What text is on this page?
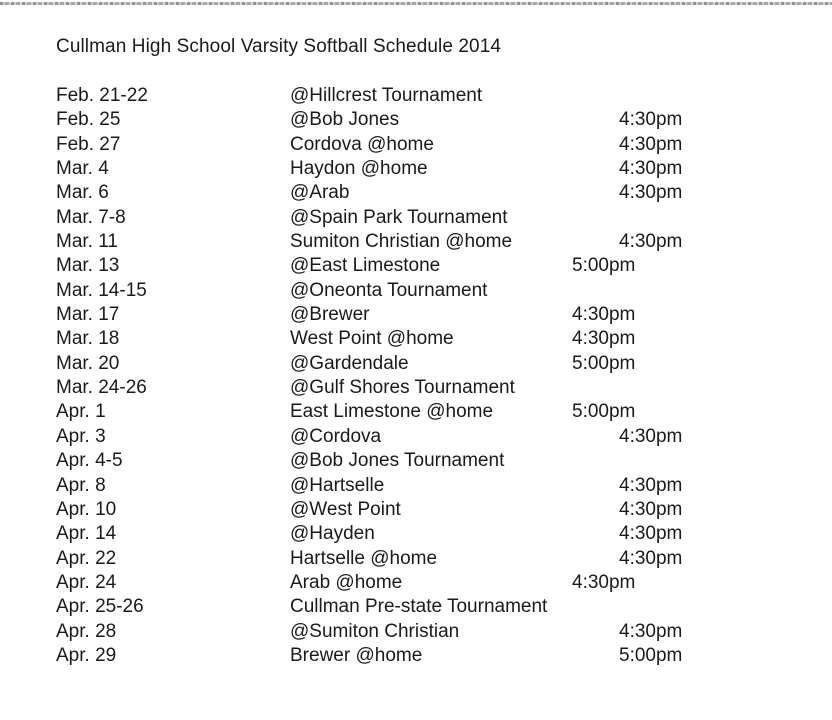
Cullman High School Varsity Softball Schedule 2014
Feb. 21-22	@Hillcrest Tournament
Feb. 25	@Bob Jones	4:30pm
Feb. 27	Cordova @home	4:30pm
Mar. 4	Haydon @home	4:30pm
Mar. 6	@Arab	4:30pm
Mar. 7-8	@Spain Park Tournament
Mar. 11	Sumiton Christian @home	4:30pm
Mar. 13	@East Limestone	5:00pm
Mar. 14-15	@Oneonta Tournament
Mar. 17	@Brewer	4:30pm
Mar. 18	West Point @home	4:30pm
Mar. 20	@Gardendale	5:00pm
Mar. 24-26	@Gulf Shores Tournament
Apr. 1	East Limestone @home	5:00pm
Apr. 3	@Cordova	4:30pm
Apr. 4-5	@Bob Jones Tournament
Apr. 8	@Hartselle	4:30pm
Apr. 10	@West Point	4:30pm
Apr. 14	@Hayden	4:30pm
Apr. 22	Hartselle @home	4:30pm
Apr. 24	Arab @home	4:30pm
Apr. 25-26	Cullman Pre-state Tournament
Apr. 28	@Sumiton Christian	4:30pm
Apr. 29	Brewer @home	5:00pm
